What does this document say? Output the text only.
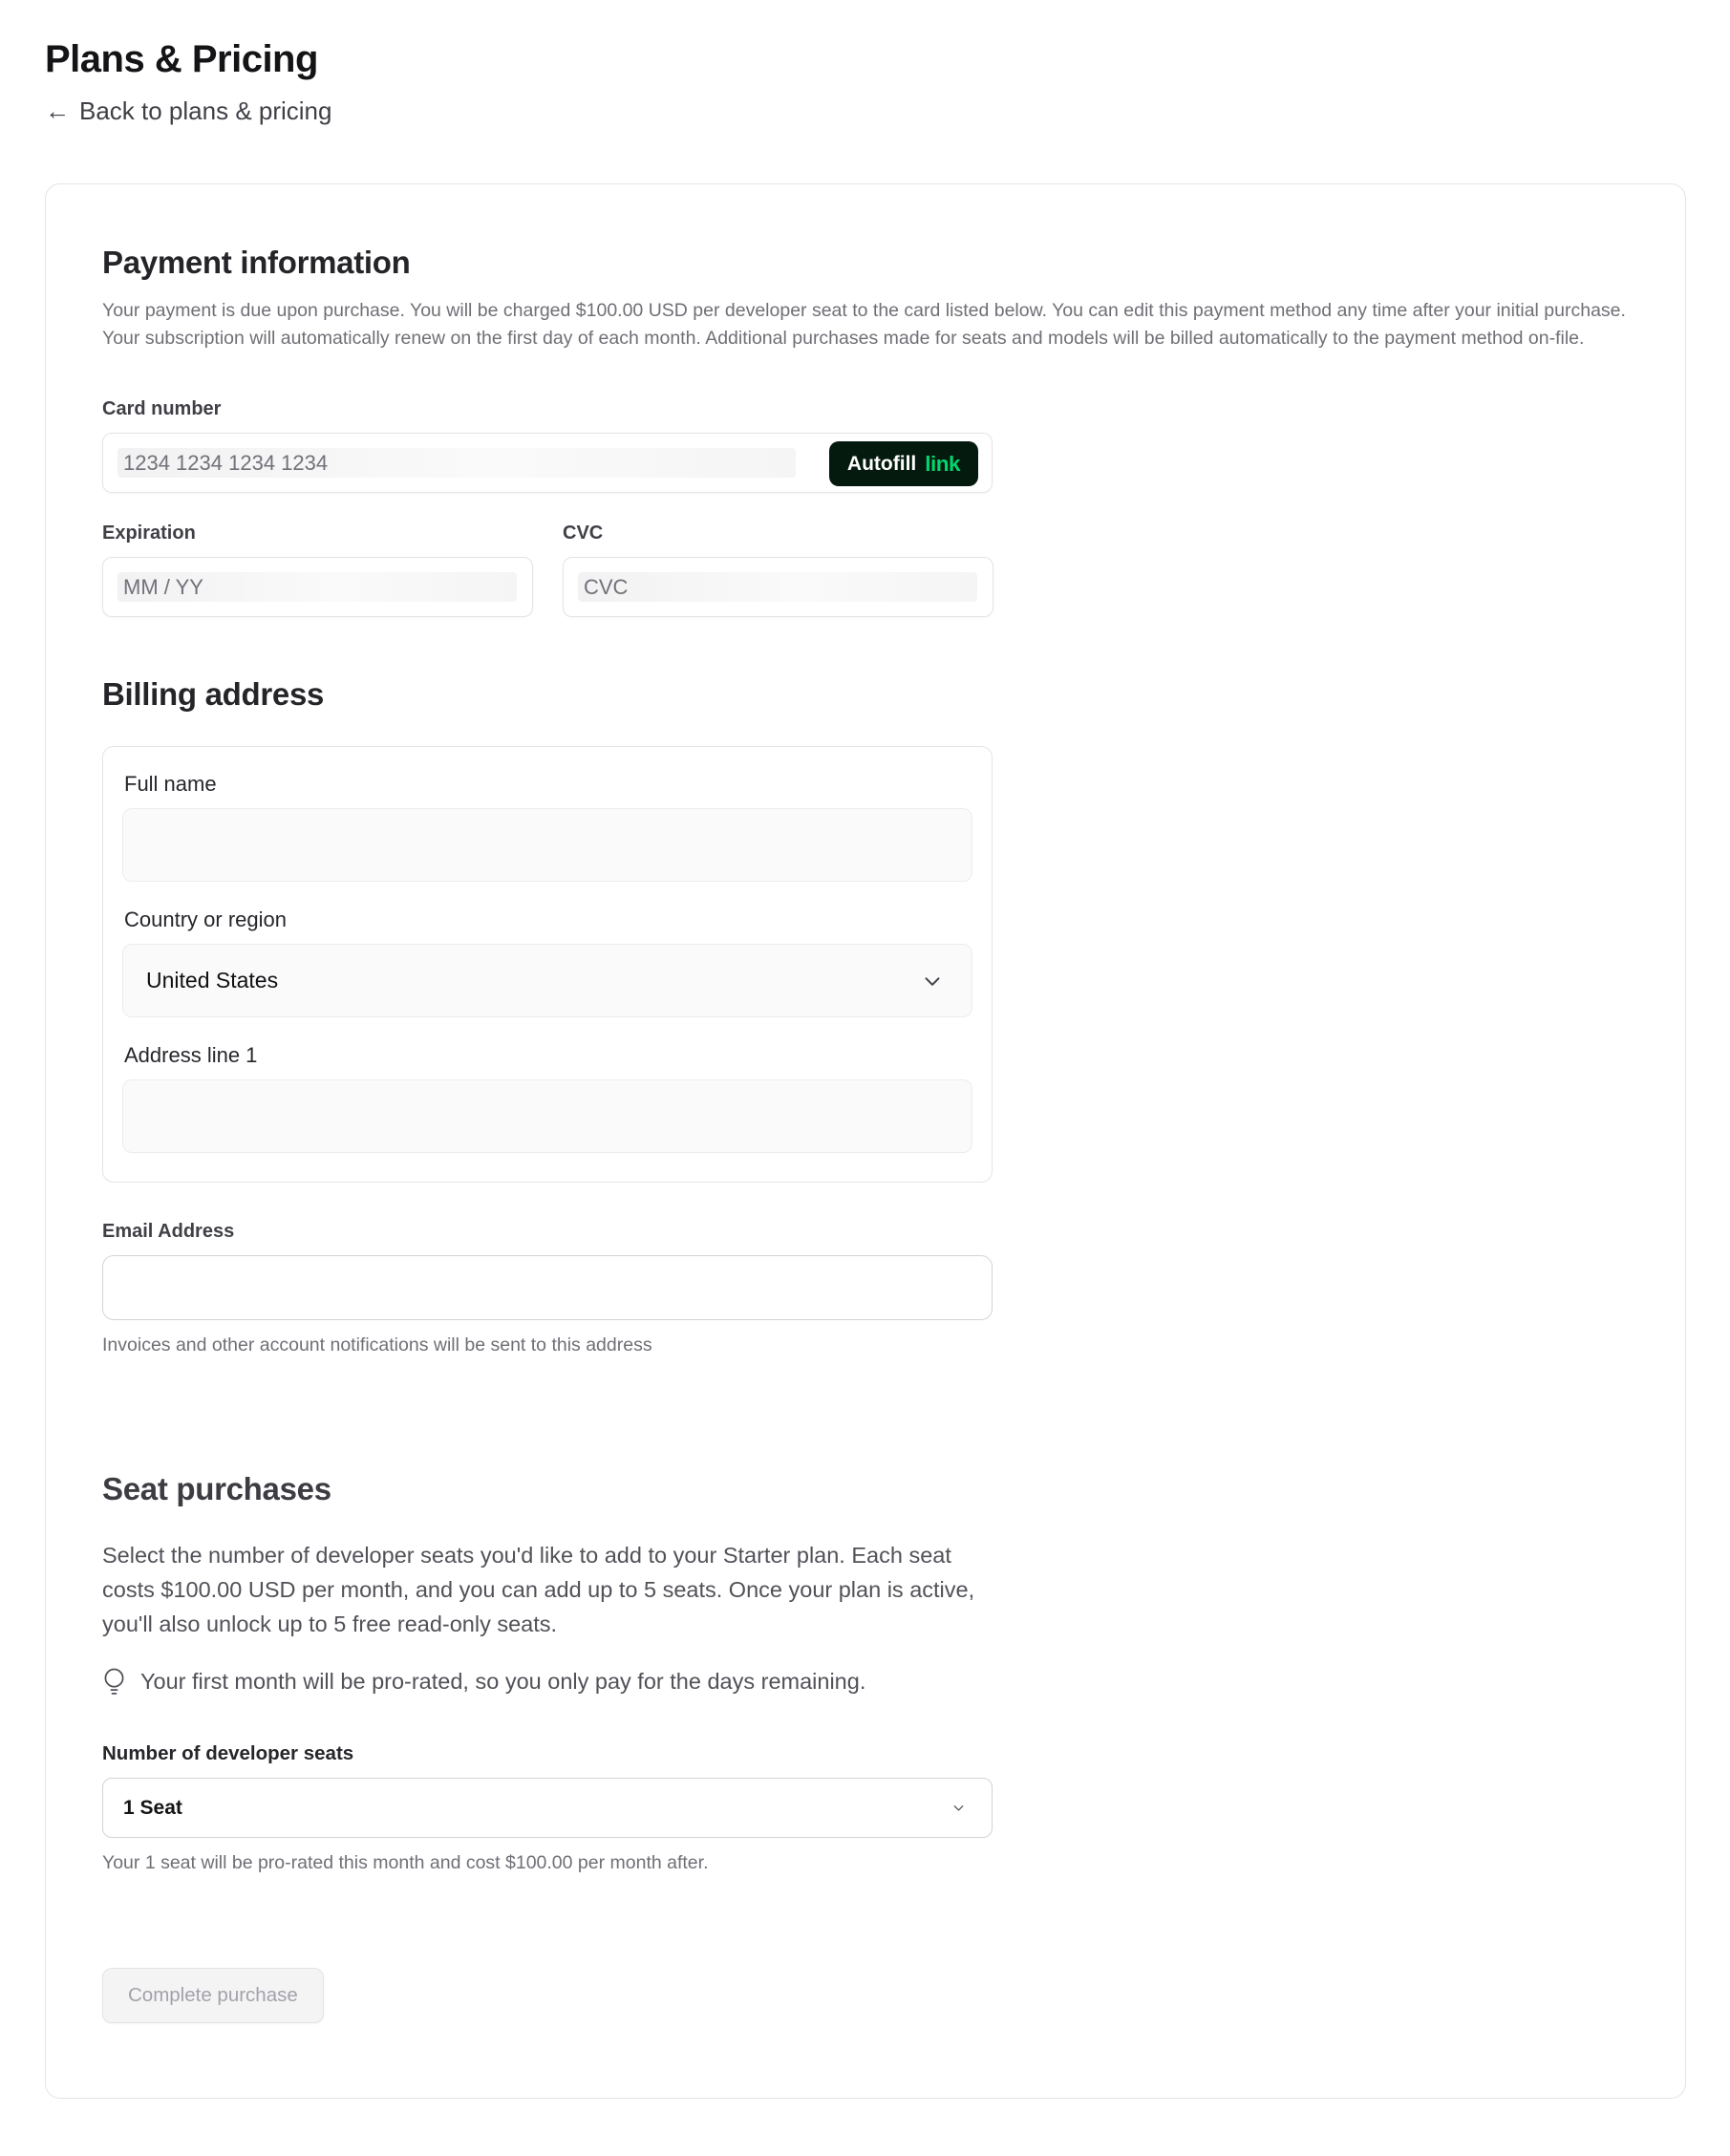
Plans & Pricing
← Back to plans & pricing
Payment information

Your payment is due upon purchase. You will be charged $100.00 USD per developer seat to the card listed below. You can edit this payment method any time after your initial purchase. Your subscription will automatically renew on the first day of each month. Additional purchases made for seats and models will be billed automatically to the payment method on-file.

Card number
1234 1234 1234 1234	Autofill link
Expiration
MM / YY
CVC
CVC
Billing address
Full name
Country or region
United States
Address line 1
Email Address
Invoices and other account notifications will be sent to this address
Seat purchases

Select the number of developer seats you'd like to add to your Starter plan. Each seat costs $100.00 USD per month, and you can add up to 5 seats. Once your plan is active, you'll also unlock up to 5 free read-only seats.

Your first month will be pro-rated, so you only pay for the days remaining.
Number of developer seats
1 Seat
Your 1 seat will be pro-rated this month and cost $100.00 per month after.
Complete purchase
